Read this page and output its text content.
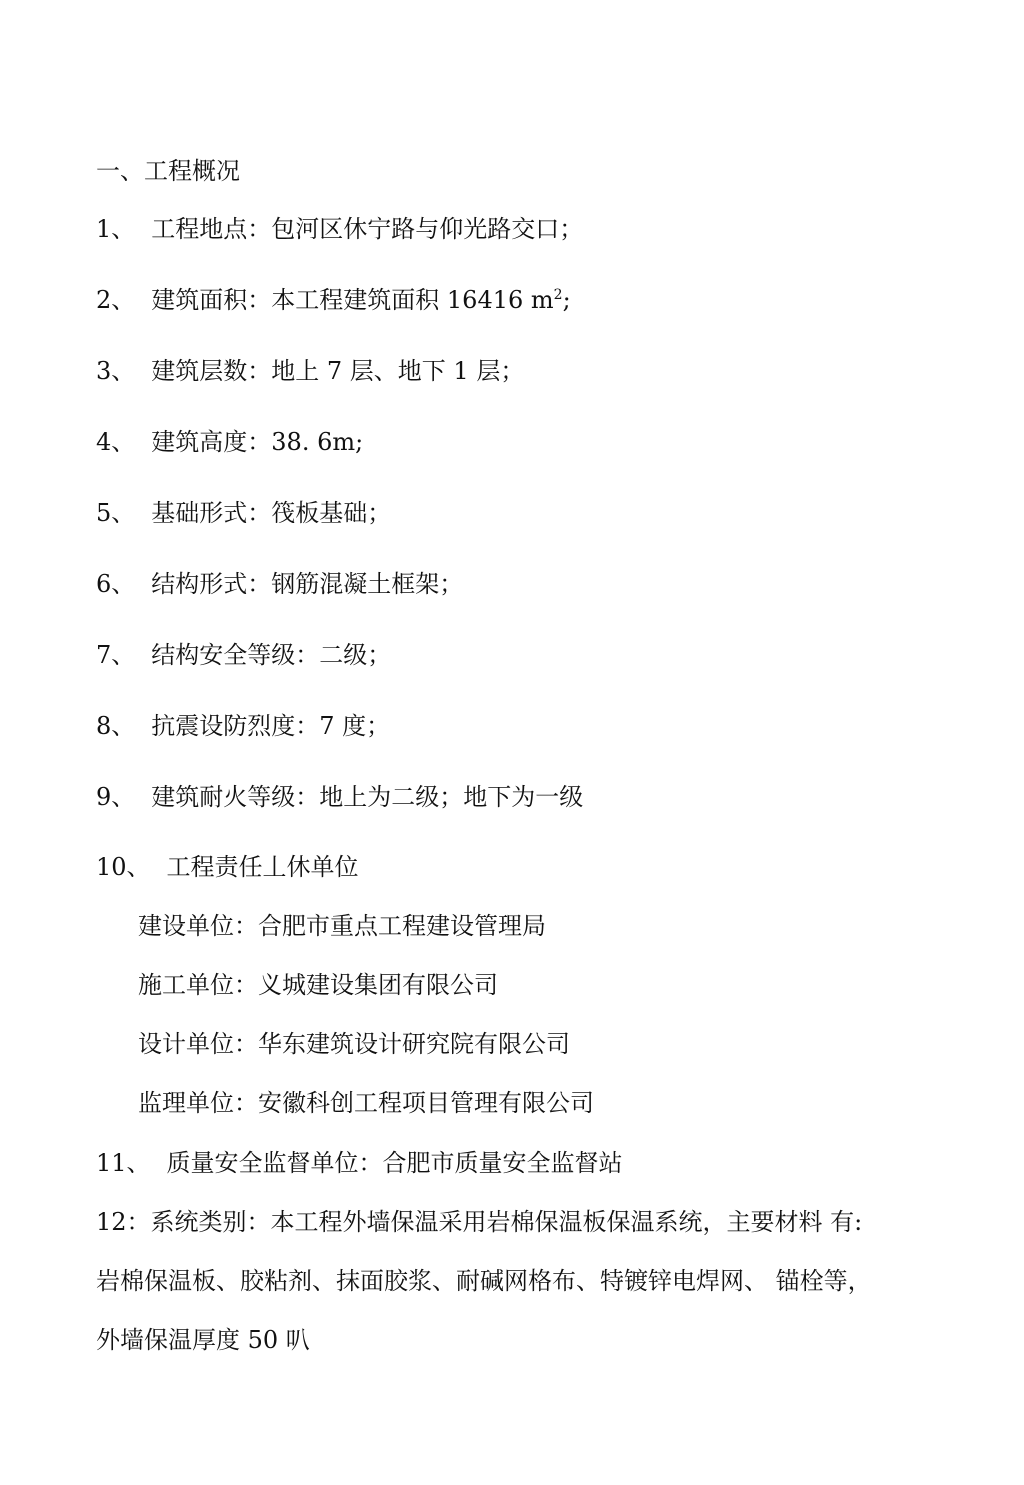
一、工程概况
1、 工程地点：包河区休宁路与仰光路交口；
2、 建筑面积：本工程建筑面积 16416 $m^2$;
3、 建筑层数：地上 7 层、地下 1 层；
4、 建筑高度：38. 6m;
5、 基础形式：筏板基础；
6、 结构形式：钢筋混凝土框架；
7、 结构安全等级：二级；
8、 抗震设防烈度：7 度；
9、 建筑耐火等级：地上为二级；地下为一级
10、 工程责任丄休单位
建设单位：合肥市重点工程建设管理局
施工单位：义城建设集团有限公司
设计单位：华东建筑设计研究院有限公司
监理单位：安徽科创工程项目管理有限公司
11、 质量安全监督单位：合肥市质量安全监督站
12：系统类别：本工程外墙保温采用岩棉保温板保温系统，主要材料 有:
岩棉保温板、胶粘剂、抹面胶浆、耐碱网格布、特镀锌电焊网、 锚栓等，
外墙保温厚度 50 叭
